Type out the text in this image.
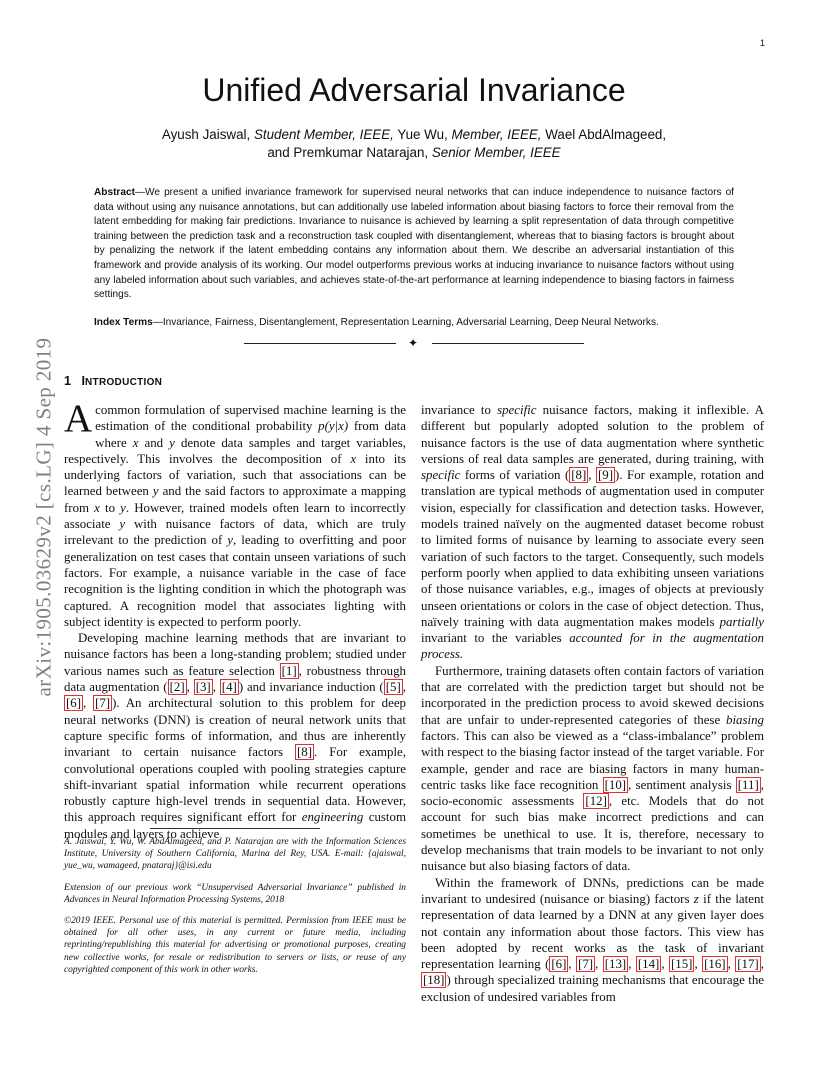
1
arXiv:1905.03629v2 [cs.LG] 4 Sep 2019
Unified Adversarial Invariance
Ayush Jaiswal, Student Member, IEEE, Yue Wu, Member, IEEE, Wael AbdAlmageed,
and Premkumar Natarajan, Senior Member, IEEE

Abstract—We present a unified invariance framework for supervised neural networks that can induce independence to nuisance factors of data without using any nuisance annotations, but can additionally use labeled information about biasing factors to force their removal from the latent embedding for making fair predictions. Invariance to nuisance is achieved by learning a split representation of data through competitive training between the prediction task and a reconstruction task coupled with disentanglement, whereas that to biasing factors is brought about by penalizing the network if the latent embedding contains any information about them. We describe an adversarial instantiation of this framework and provide analysis of its working. Our model outperforms previous works at inducing invariance to nuisance factors without using any labeled information about such variables, and achieves state-of-the-art performance at learning independence to biasing factors in fairness settings.

Index Terms—Invariance, Fairness, Disentanglement, Representation Learning, Adversarial Learning, Deep Neural Networks.

✦
1 INTRODUCTION

A common formulation of supervised machine learning is the estimation of the conditional probability p(y|x) from data where x and y denote data samples and target variables, respectively. This involves the decomposition of x into its underlying factors of variation, such that associations can be learned between y and the said factors to approximate a mapping from x to y. However, trained models often learn to incorrectly associate y with nuisance factors of data, which are truly irrelevant to the prediction of y, leading to overfitting and poor generalization on test cases that contain unseen variations of such factors. For example, a nuisance variable in the case of face recognition is the lighting condition in which the photograph was captured. A recognition model that associates lighting with subject identity is expected to perform poorly.

Developing machine learning methods that are invariant to nuisance factors has been a long-standing problem; studied under various names such as feature selection [1] , robustness through data augmentation ( [2] , [3] , [4] ) and invariance induction ( [5] , [6] , [7] ). An architectural solution to this problem for deep neural networks (DNN) is creation of neural network units that capture specific forms of information, and thus are inherently invariant to certain nuisance factors [8] . For example, convolutional operations coupled with pooling strategies capture shift-invariant spatial information while recurrent operations robustly capture high-level trends in sequential data. However, this approach requires significant effort for engineering custom modules and layers to achieve

A. Jaiswal, Y. Wu, W. AbdAlmageed, and P. Natarajan are with the Information Sciences Institute, University of Southern California, Marina del Rey, USA. E-mail: {ajaiswal, yue_wu, wamageed, pnataraj}@isi.edu

Extension of our previous work “Unsupervised Adversarial Invariance” published in Advances in Neural Information Processing Systems, 2018

©2019 IEEE. Personal use of this material is permitted. Permission from IEEE must be obtained for all other uses, in any current or future media, including reprinting/republishing this material for advertising or promotional purposes, creating new collective works, for resale or redistribution to servers or lists, or reuse of any copyrighted component of this work in other works.

invariance to specific nuisance factors, making it inflexible. A different but popularly adopted solution to the problem of nuisance factors is the use of data augmentation where synthetic versions of real data samples are generated, during training, with specific forms of variation ( [8] , [9] ). For example, rotation and translation are typical methods of augmentation used in computer vision, especially for classification and detection tasks. However, models trained naïvely on the augmented dataset become robust to limited forms of nuisance by learning to associate every seen variation of such factors to the target. Consequently, such models perform poorly when applied to data exhibiting unseen variations of those nuisance variables, e.g., images of objects at previously unseen orientations or colors in the case of object detection. Thus, naïvely training with data augmentation makes models partially invariant to the variables accounted for in the augmentation process.

Furthermore, training datasets often contain factors of variation that are correlated with the prediction target but should not be incorporated in the prediction process to avoid skewed decisions that are unfair to under-represented categories of these biasing factors. This can also be viewed as a “class-imbalance” problem with respect to the biasing factor instead of the target variable. For example, gender and race are biasing factors in many human-centric tasks like face recognition [10] , sentiment analysis [11] , socio-economic assessments [12] , etc. Models that do not account for such bias make incorrect predictions and can sometimes be unethical to use. It is, therefore, necessary to develop mechanisms that train models to be invariant to not only nuisance but also biasing factors of data.

Within the framework of DNNs, predictions can be made invariant to undesired (nuisance or biasing) factors z if the latent representation of data learned by a DNN at any given layer does not contain any information about those factors. This view has been adopted by recent works as the task of invariant representation learning ( [6] , [7] , [13] , [14] , [15] , [16] , [17] , [18] ) through specialized training mechanisms that encourage the exclusion of undesired variables from
